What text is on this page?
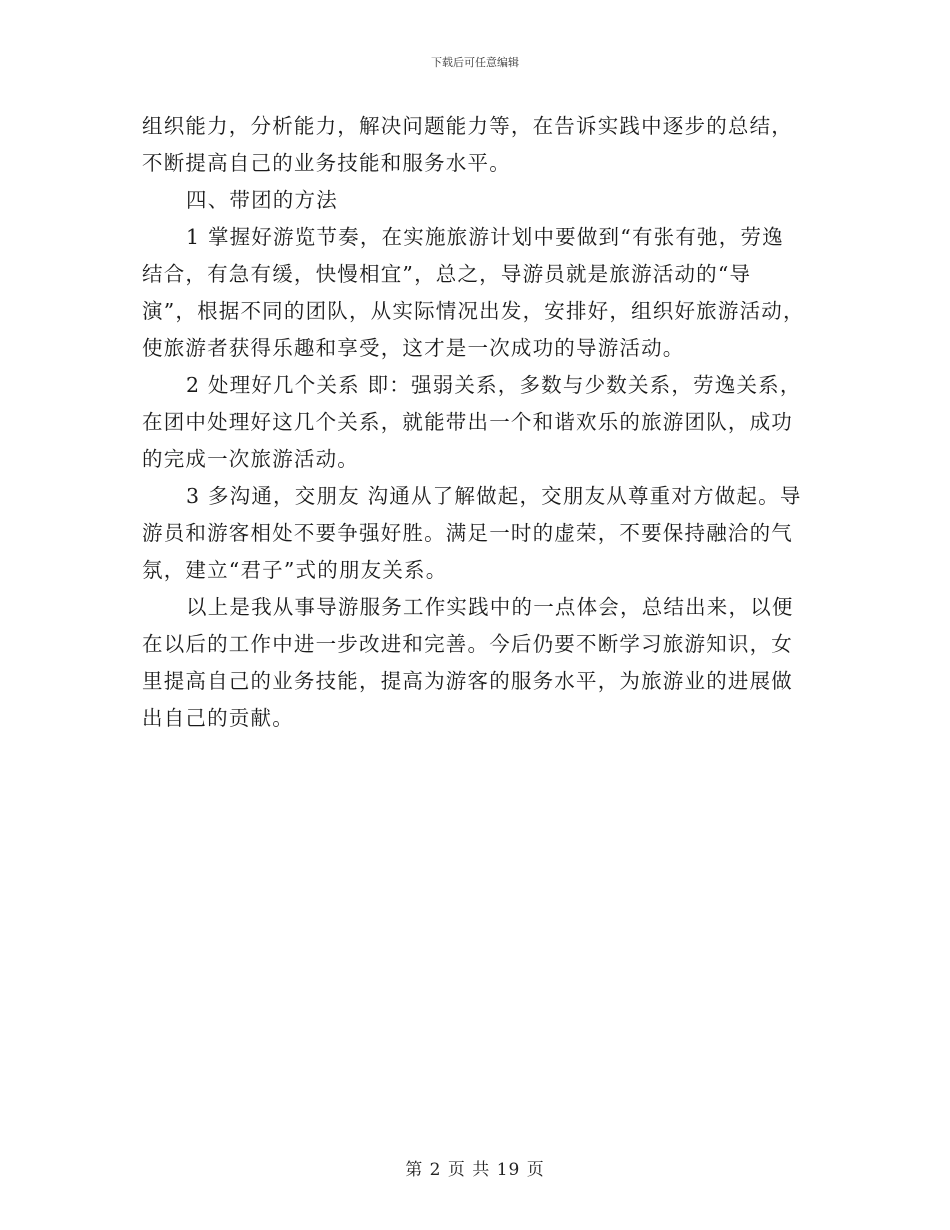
下载后可任意编辑
组织能力，分析能力，解决问题能力等，在告诉实践中逐步的总结，
不断提高自己的业务技能和服务水平。
四、带团的方法
1 掌握好游览节奏，在实施旅游计划中要做到“有张有弛，劳逸
结合，有急有缓，快慢相宜”，总之，导游员就是旅游活动的“导
演”，根据不同的团队，从实际情况出发，安排好，组织好旅游活动，
使旅游者获得乐趣和享受，这才是一次成功的导游活动。
2 处理好几个关系 即：强弱关系，多数与少数关系，劳逸关系，
在团中处理好这几个关系，就能带出一个和谐欢乐的旅游团队，成功
的完成一次旅游活动。
3 多沟通，交朋友 沟通从了解做起，交朋友从尊重对方做起。导
游员和游客相处不要争强好胜。满足一时的虚荣，不要保持融洽的气
氛，建立“君子”式的朋友关系。
以上是我从事导游服务工作实践中的一点体会，总结出来，以便
在以后的工作中进一步改进和完善。今后仍要不断学习旅游知识，女
里提高自己的业务技能，提高为游客的服务水平，为旅游业的进展做
出自己的贡献。
第 2 页 共 19 页
